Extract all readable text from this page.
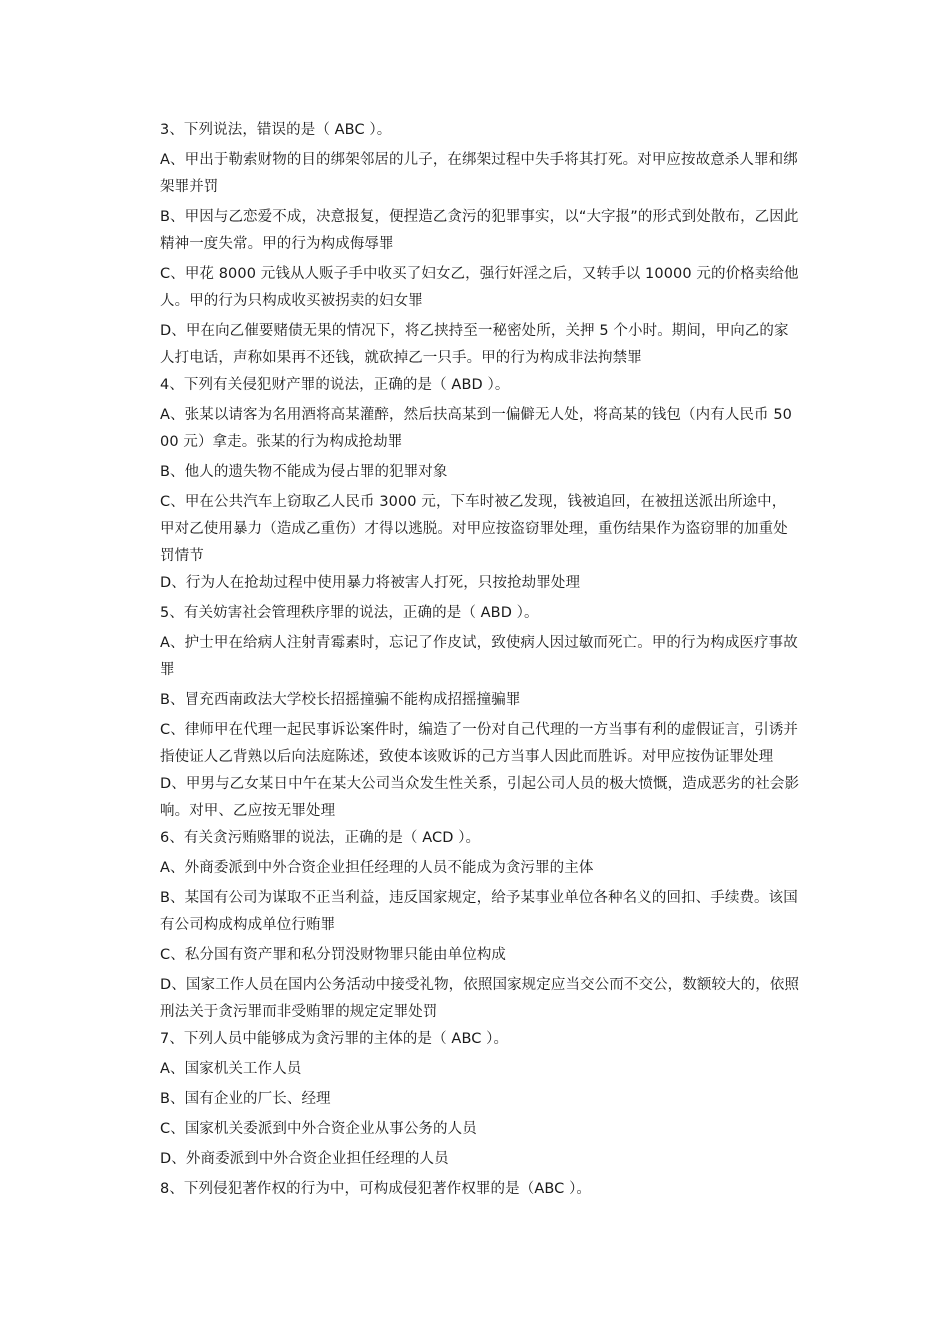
3、下列说法，错误的是（ ABC ）。

A、甲出于勒索财物的目的绑架邻居的儿子，在绑架过程中失手将其打死。对甲应按故意杀人罪和绑架罪并罚

B、甲因与乙恋爱不成，决意报复，便捏造乙贪污的犯罪事实，以“大字报”的形式到处散布，乙因此精神一度失常。甲的行为构成侮辱罪

C、甲花 8000 元钱从人贩子手中收买了妇女乙，强行奸淫之后，又转手以 10000 元的价格卖给他人。甲的行为只构成收买被拐卖的妇女罪

D、甲在向乙催要赌债无果的情况下，将乙挟持至一秘密处所，关押 5 个小时。期间，甲向乙的家人打电话，声称如果再不还钱，就砍掉乙一只手。甲的行为构成非法拘禁罪

4、下列有关侵犯财产罪的说法，正确的是（ ABD ）。

A、张某以请客为名用酒将高某灌醉，然后扶高某到一偏僻无人处，将高某的钱包（内有人民币 5000 元）拿走。张某的行为构成抢劫罪

B、他人的遗失物不能成为侵占罪的犯罪对象

C、甲在公共汽车上窃取乙人民币 3000 元，下车时被乙发现，钱被追回，在被扭送派出所途中，甲对乙使用暴力（造成乙重伤）才得以逃脱。对甲应按盗窃罪处理，重伤结果作为盗窃罪的加重处罚情节

D、行为人在抢劫过程中使用暴力将被害人打死，只按抢劫罪处理

5、有关妨害社会管理秩序罪的说法，正确的是（ ABD ）。

A、护士甲在给病人注射青霉素时，忘记了作皮试，致使病人因过敏而死亡。甲的行为构成医疗事故罪

B、冒充西南政法大学校长招摇撞骗不能构成招摇撞骗罪

C、律师甲在代理一起民事诉讼案件时，编造了一份对自己代理的一方当事有利的虚假证言，引诱并指使证人乙背熟以后向法庭陈述，致使本该败诉的己方当事人因此而胜诉。对甲应按伪证罪处理

D、甲男与乙女某日中午在某大公司当众发生性关系，引起公司人员的极大愤慨，造成恶劣的社会影响。对甲、乙应按无罪处理

6、有关贪污贿赂罪的说法，正确的是（ ACD ）。

A、外商委派到中外合资企业担任经理的人员不能成为贪污罪的主体

B、某国有公司为谋取不正当利益，违反国家规定，给予某事业单位各种名义的回扣、手续费。该国有公司构成构成单位行贿罪

C、私分国有资产罪和私分罚没财物罪只能由单位构成

D、国家工作人员在国内公务活动中接受礼物，依照国家规定应当交公而不交公，数额较大的，依照刑法关于贪污罪而非受贿罪的规定定罪处罚

7、下列人员中能够成为贪污罪的主体的是（ ABC ）。

A、国家机关工作人员

B、国有企业的厂长、经理

C、国家机关委派到中外合资企业从事公务的人员

D、外商委派到中外合资企业担任经理的人员

8、下列侵犯著作权的行为中，可构成侵犯著作权罪的是（ABC ）。
